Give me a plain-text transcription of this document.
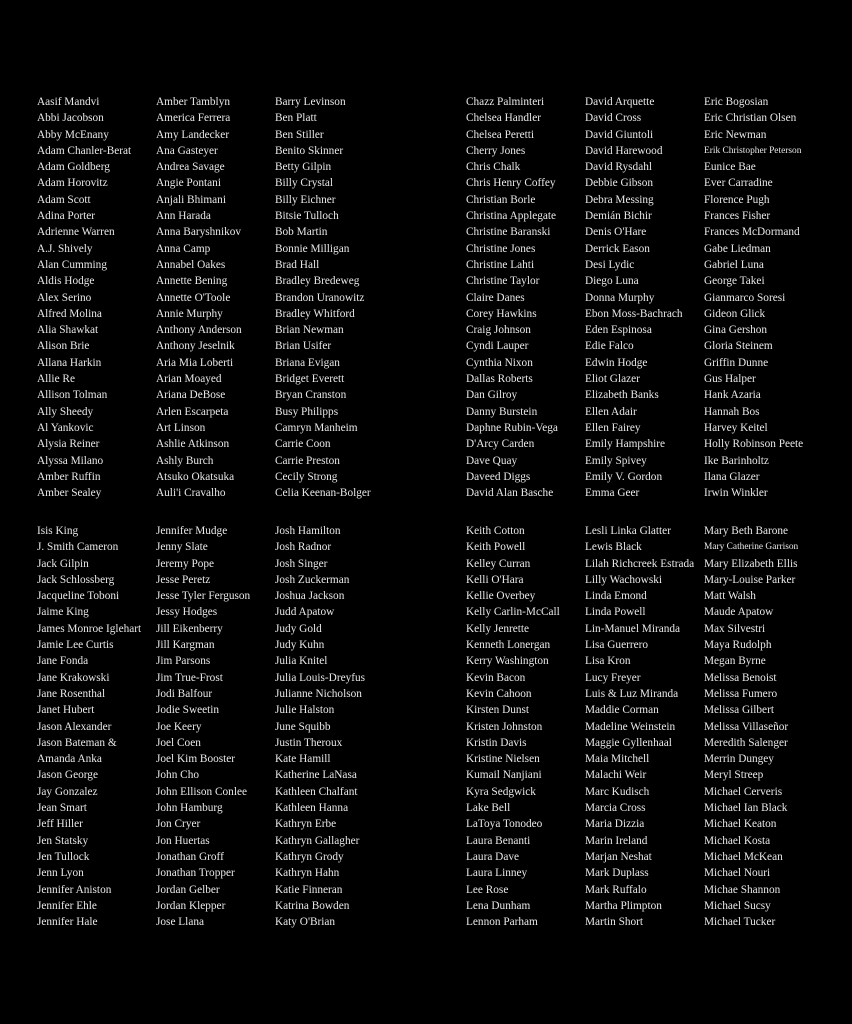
Aasif Mandvi
Abbi Jacobson
Abby McEnany
Adam Chanler-Berat
Adam Goldberg
Adam Horovitz
Adam Scott
Adina Porter
Adrienne Warren
A.J. Shively
Alan Cumming
Aldis Hodge
Alex Serino
Alfred Molina
Alia Shawkat
Alison Brie
Allana Harkin
Allie Re
Allison Tolman
Ally Sheedy
Al Yankovic
Alysia Reiner
Alyssa Milano
Amber Ruffin
Amber Sealey
Amber Tamblyn
America Ferrera
Amy Landecker
Ana Gasteyer
Andrea Savage
Angie Pontani
Anjali Bhimani
Ann Harada
Anna Baryshnikov
Anna Camp
Annabel Oakes
Annette Bening
Annette O'Toole
Annie Murphy
Anthony Anderson
Anthony Jeselnik
Aria Mia Loberti
Arian Moayed
Ariana DeBose
Arlen Escarpeta
Art Linson
Ashlie Atkinson
Ashly Burch
Atsuko Okatsuka
Auli'i Cravalho
Barry Levinson
Ben Platt
Ben Stiller
Benito Skinner
Betty Gilpin
Billy Crystal
Billy Eichner
Bitsie Tulloch
Bob Martin
Bonnie Milligan
Brad Hall
Bradley Bredeweg
Brandon Uranowitz
Bradley Whitford
Brian Newman
Brian Usifer
Briana Evigan
Bridget Everett
Bryan Cranston
Busy Philipps
Camryn Manheim
Carrie Coon
Carrie Preston
Cecily Strong
Celia Keenan-Bolger
Chazz Palminteri
Chelsea Handler
Chelsea Peretti
Cherry Jones
Chris Chalk
Chris Henry Coffey
Christian Borle
Christina Applegate
Christine Baranski
Christine Jones
Christine Lahti
Christine Taylor
Claire Danes
Corey Hawkins
Craig Johnson
Cyndi Lauper
Cynthia Nixon
Dallas Roberts
Dan Gilroy
Danny Burstein
Daphne Rubin-Vega
D'Arcy Carden
Dave Quay
Daveed Diggs
David Alan Basche
David Arquette
David Cross
David Giuntoli
David Harewood
David Rysdahl
Debbie Gibson
Debra Messing
Demián Bichir
Denis O'Hare
Derrick Eason
Desi Lydic
Diego Luna
Donna Murphy
Ebon Moss-Bachrach
Eden Espinosa
Edie Falco
Edwin Hodge
Eliot Glazer
Elizabeth Banks
Ellen Adair
Ellen Fairey
Emily Hampshire
Emily Spivey
Emily V. Gordon
Emma Geer
Eric Bogosian
Eric Christian Olsen
Eric Newman
Erik Christopher Peterson
Eunice Bae
Ever Carradine
Florence Pugh
Frances Fisher
Frances McDormand
Gabe Liedman
Gabriel Luna
George Takei
Gianmarco Soresi
Gideon Glick
Gina Gershon
Gloria Steinem
Griffin Dunne
Gus Halper
Hank Azaria
Hannah Bos
Harvey Keitel
Holly Robinson Peete
Ike Barinholtz
Ilana Glazer
Irwin Winkler
Isis King
J. Smith Cameron
Jack Gilpin
Jack Schlossberg
Jacqueline Toboni
Jaime King
James Monroe Iglehart
Jamie Lee Curtis
Jane Fonda
Jane Krakowski
Jane Rosenthal
Janet Hubert
Jason Alexander
Jason Bateman &
Amanda Anka
Jason George
Jay Gonzalez
Jean Smart
Jeff Hiller
Jen Statsky
Jen Tullock
Jenn Lyon
Jennifer Aniston
Jennifer Ehle
Jennifer Hale
Jennifer Mudge
Jenny Slate
Jeremy Pope
Jesse Peretz
Jesse Tyler Ferguson
Jessy Hodges
Jill Eikenberry
Jill Kargman
Jim Parsons
Jim True-Frost
Jodi Balfour
Jodie Sweetin
Joe Keery
Joel Coen
Joel Kim Booster
John Cho
John Ellison Conlee
John Hamburg
Jon Cryer
Jon Huertas
Jonathan Groff
Jonathan Tropper
Jordan Gelber
Jordan Klepper
Jose Llana
Josh Hamilton
Josh Radnor
Josh Singer
Josh Zuckerman
Joshua Jackson
Judd Apatow
Judy Gold
Judy Kuhn
Julia Knitel
Julia Louis-Dreyfus
Julianne Nicholson
Julie Halston
June Squibb
Justin Theroux
Kate Hamill
Katherine LaNasa
Kathleen Chalfant
Kathleen Hanna
Kathryn Erbe
Kathryn Gallagher
Kathryn Grody
Kathryn Hahn
Katie Finneran
Katrina Bowden
Katy O'Brian
Keith Cotton
Keith Powell
Kelley Curran
Kelli O'Hara
Kellie Overbey
Kelly Carlin-McCall
Kelly Jenrette
Kenneth Lonergan
Kerry Washington
Kevin Bacon
Kevin Cahoon
Kirsten Dunst
Kristen Johnston
Kristin Davis
Kristine Nielsen
Kumail Nanjiani
Kyra Sedgwick
Lake Bell
LaToya Tonodeo
Laura Benanti
Laura Dave
Laura Linney
Lee Rose
Lena Dunham
Lennon Parham
Lesli Linka Glatter
Lewis Black
Lilah Richcreek Estrada
Lilly Wachowski
Linda Emond
Linda Powell
Lin-Manuel Miranda
Lisa Guerrero
Lisa Kron
Lucy Freyer
Luis & Luz Miranda
Maddie Corman
Madeline Weinstein
Maggie Gyllenhaal
Maia Mitchell
Malachi Weir
Marc Kudisch
Marcia Cross
Maria Dizzia
Marin Ireland
Marjan Neshat
Mark Duplass
Mark Ruffalo
Martha Plimpton
Martin Short
Mary Beth Barone
Mary Catherine Garrison
Mary Elizabeth Ellis
Mary-Louise Parker
Matt Walsh
Maude Apatow
Max Silvestri
Maya Rudolph
Megan Byrne
Melissa Benoist
Melissa Fumero
Melissa Gilbert
Melissa Villaseñor
Meredith Salenger
Merrin Dungey
Meryl Streep
Michael Cerveris
Michael Ian Black
Michael Keaton
Michael Kosta
Michael McKean
Michael Nouri
Michae Shannon
Michael Sucsy
Michael Tucker
